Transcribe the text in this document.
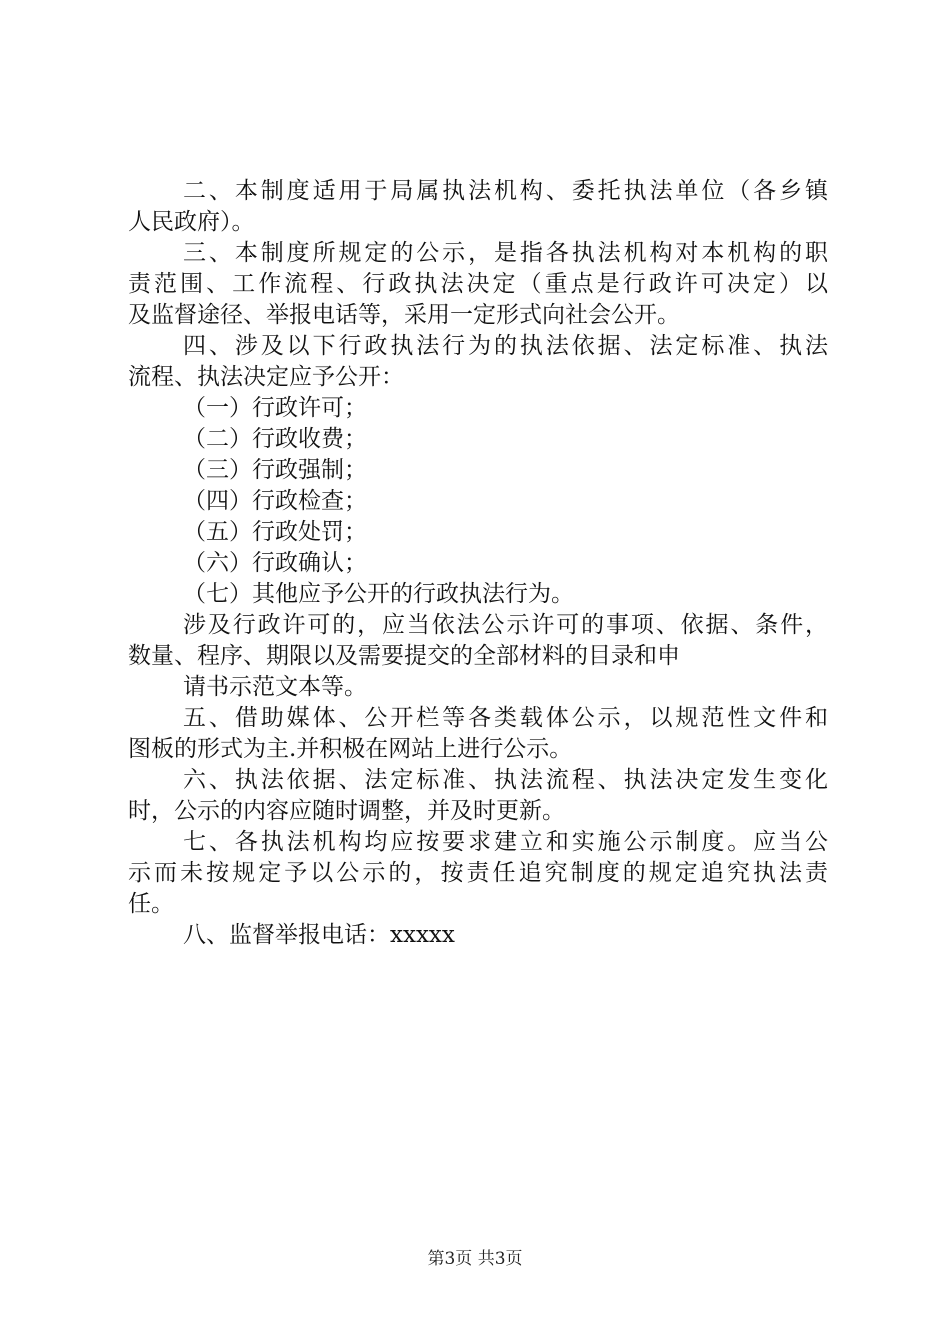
二、本制度适用于局属执法机构、委托执法单位（各乡镇
人民政府）。
三、本制度所规定的公示，是指各执法机构对本机构的职
责范围、工作流程、行政执法决定（重点是行政许可决定）以
及监督途径、举报电话等，采用一定形式向社会公开。
四、涉及以下行政执法行为的执法依据、法定标准、执法
流程、执法决定应予公开：
（一）行政许可；
（二）行政收费；
（三）行政强制；
（四）行政检查；
（五）行政处罚；
（六）行政确认；
（七）其他应予公开的行政执法行为。
涉及行政许可的，应当依法公示许可的事项、依据、条件，
数量、程序、期限以及需要提交的全部材料的目录和申
请书示范文本等。
五、借助媒体、公开栏等各类载体公示，以规范性文件和
图板的形式为主.并积极在网站上进行公示。
六、执法依据、法定标准、执法流程、执法决定发生变化
时，公示的内容应随时调整，并及时更新。
七、各执法机构均应按要求建立和实施公示制度。应当公
示而未按规定予以公示的，按责任追究制度的规定追究执法责
任。
八、监督举报电话：xxxxx
第3页 共3页
